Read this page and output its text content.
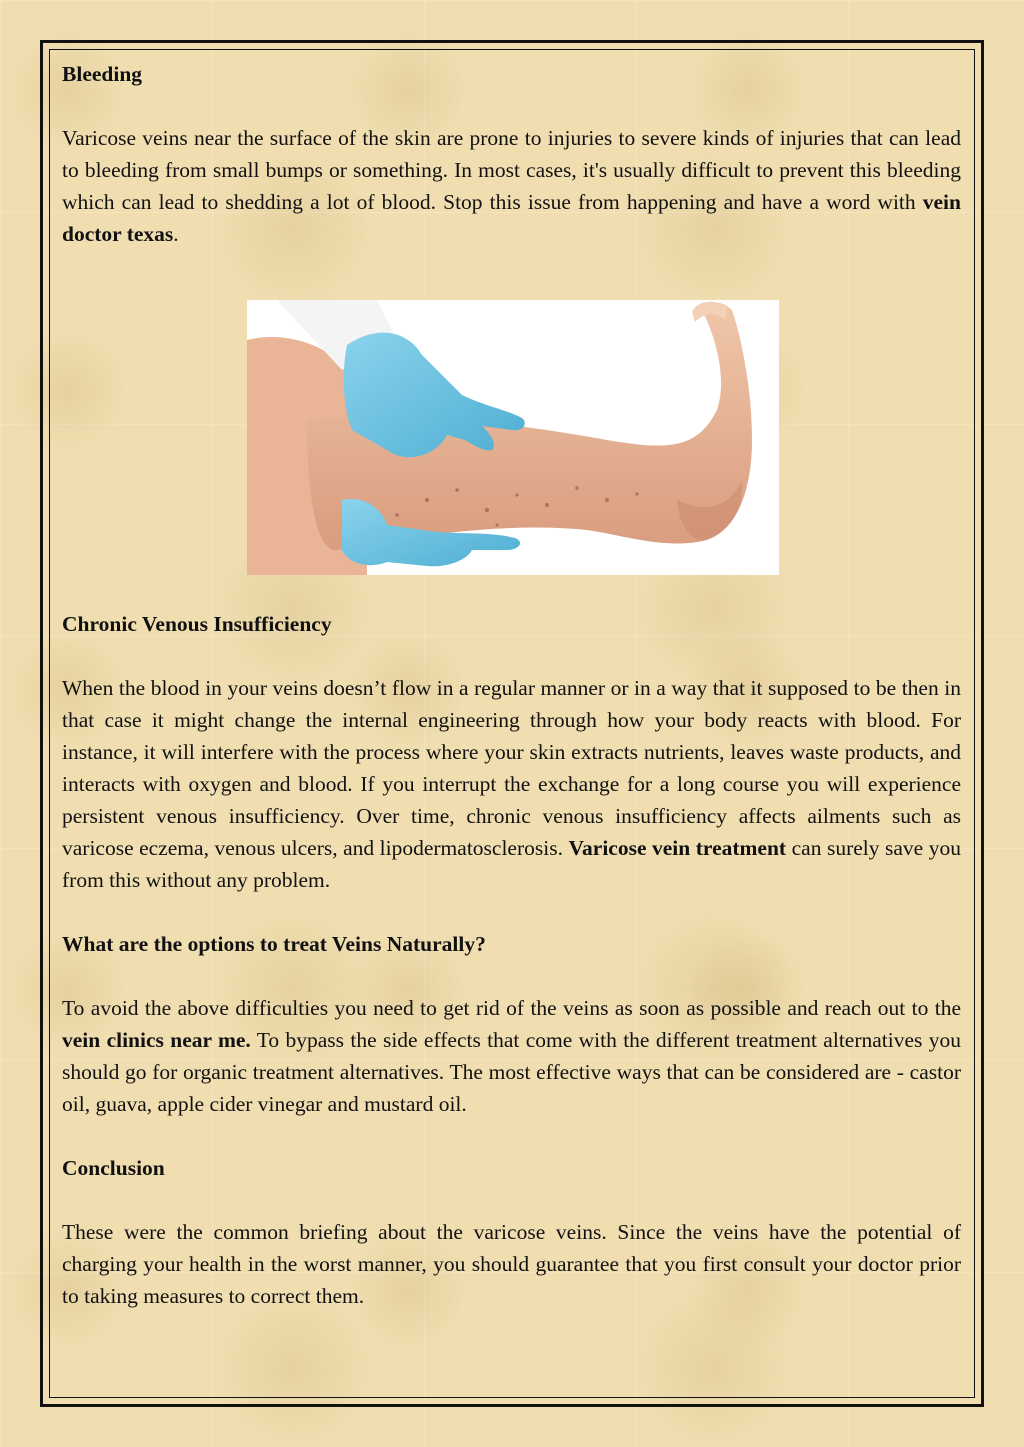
Bleeding

Varicose veins near the surface of the skin are prone to injuries to severe kinds of injuries that can lead to bleeding from small bumps or something. In most cases, it's usually difficult to prevent this bleeding which can lead to shedding a lot of blood. Stop this issue from happening and have a word with vein doctor texas.

Chronic Venous Insufficiency

When the blood in your veins doesn’t flow in a regular manner or in a way that it supposed to be then in that case it might change the internal engineering through how your body reacts with blood. For instance, it will interfere with the process where your skin extracts nutrients, leaves waste products, and interacts with oxygen and blood. If you interrupt the exchange for a long course you will experience persistent venous insufficiency. Over time, chronic venous insufficiency affects ailments such as varicose eczema, venous ulcers, and lipodermatosclerosis. Varicose vein treatment can surely save you from this without any problem.

What are the options to treat Veins Naturally?

To avoid the above difficulties you need to get rid of the veins as soon as possible and reach out to the vein clinics near me. To bypass the side effects that come with the different treatment alternatives you should go for organic treatment alternatives. The most effective ways that can be considered are - castor oil, guava, apple cider vinegar and mustard oil.

Conclusion

These were the common briefing about the varicose veins. Since the veins have the potential of charging your health in the worst manner, you should guarantee that you first consult your doctor prior to taking measures to correct them.
